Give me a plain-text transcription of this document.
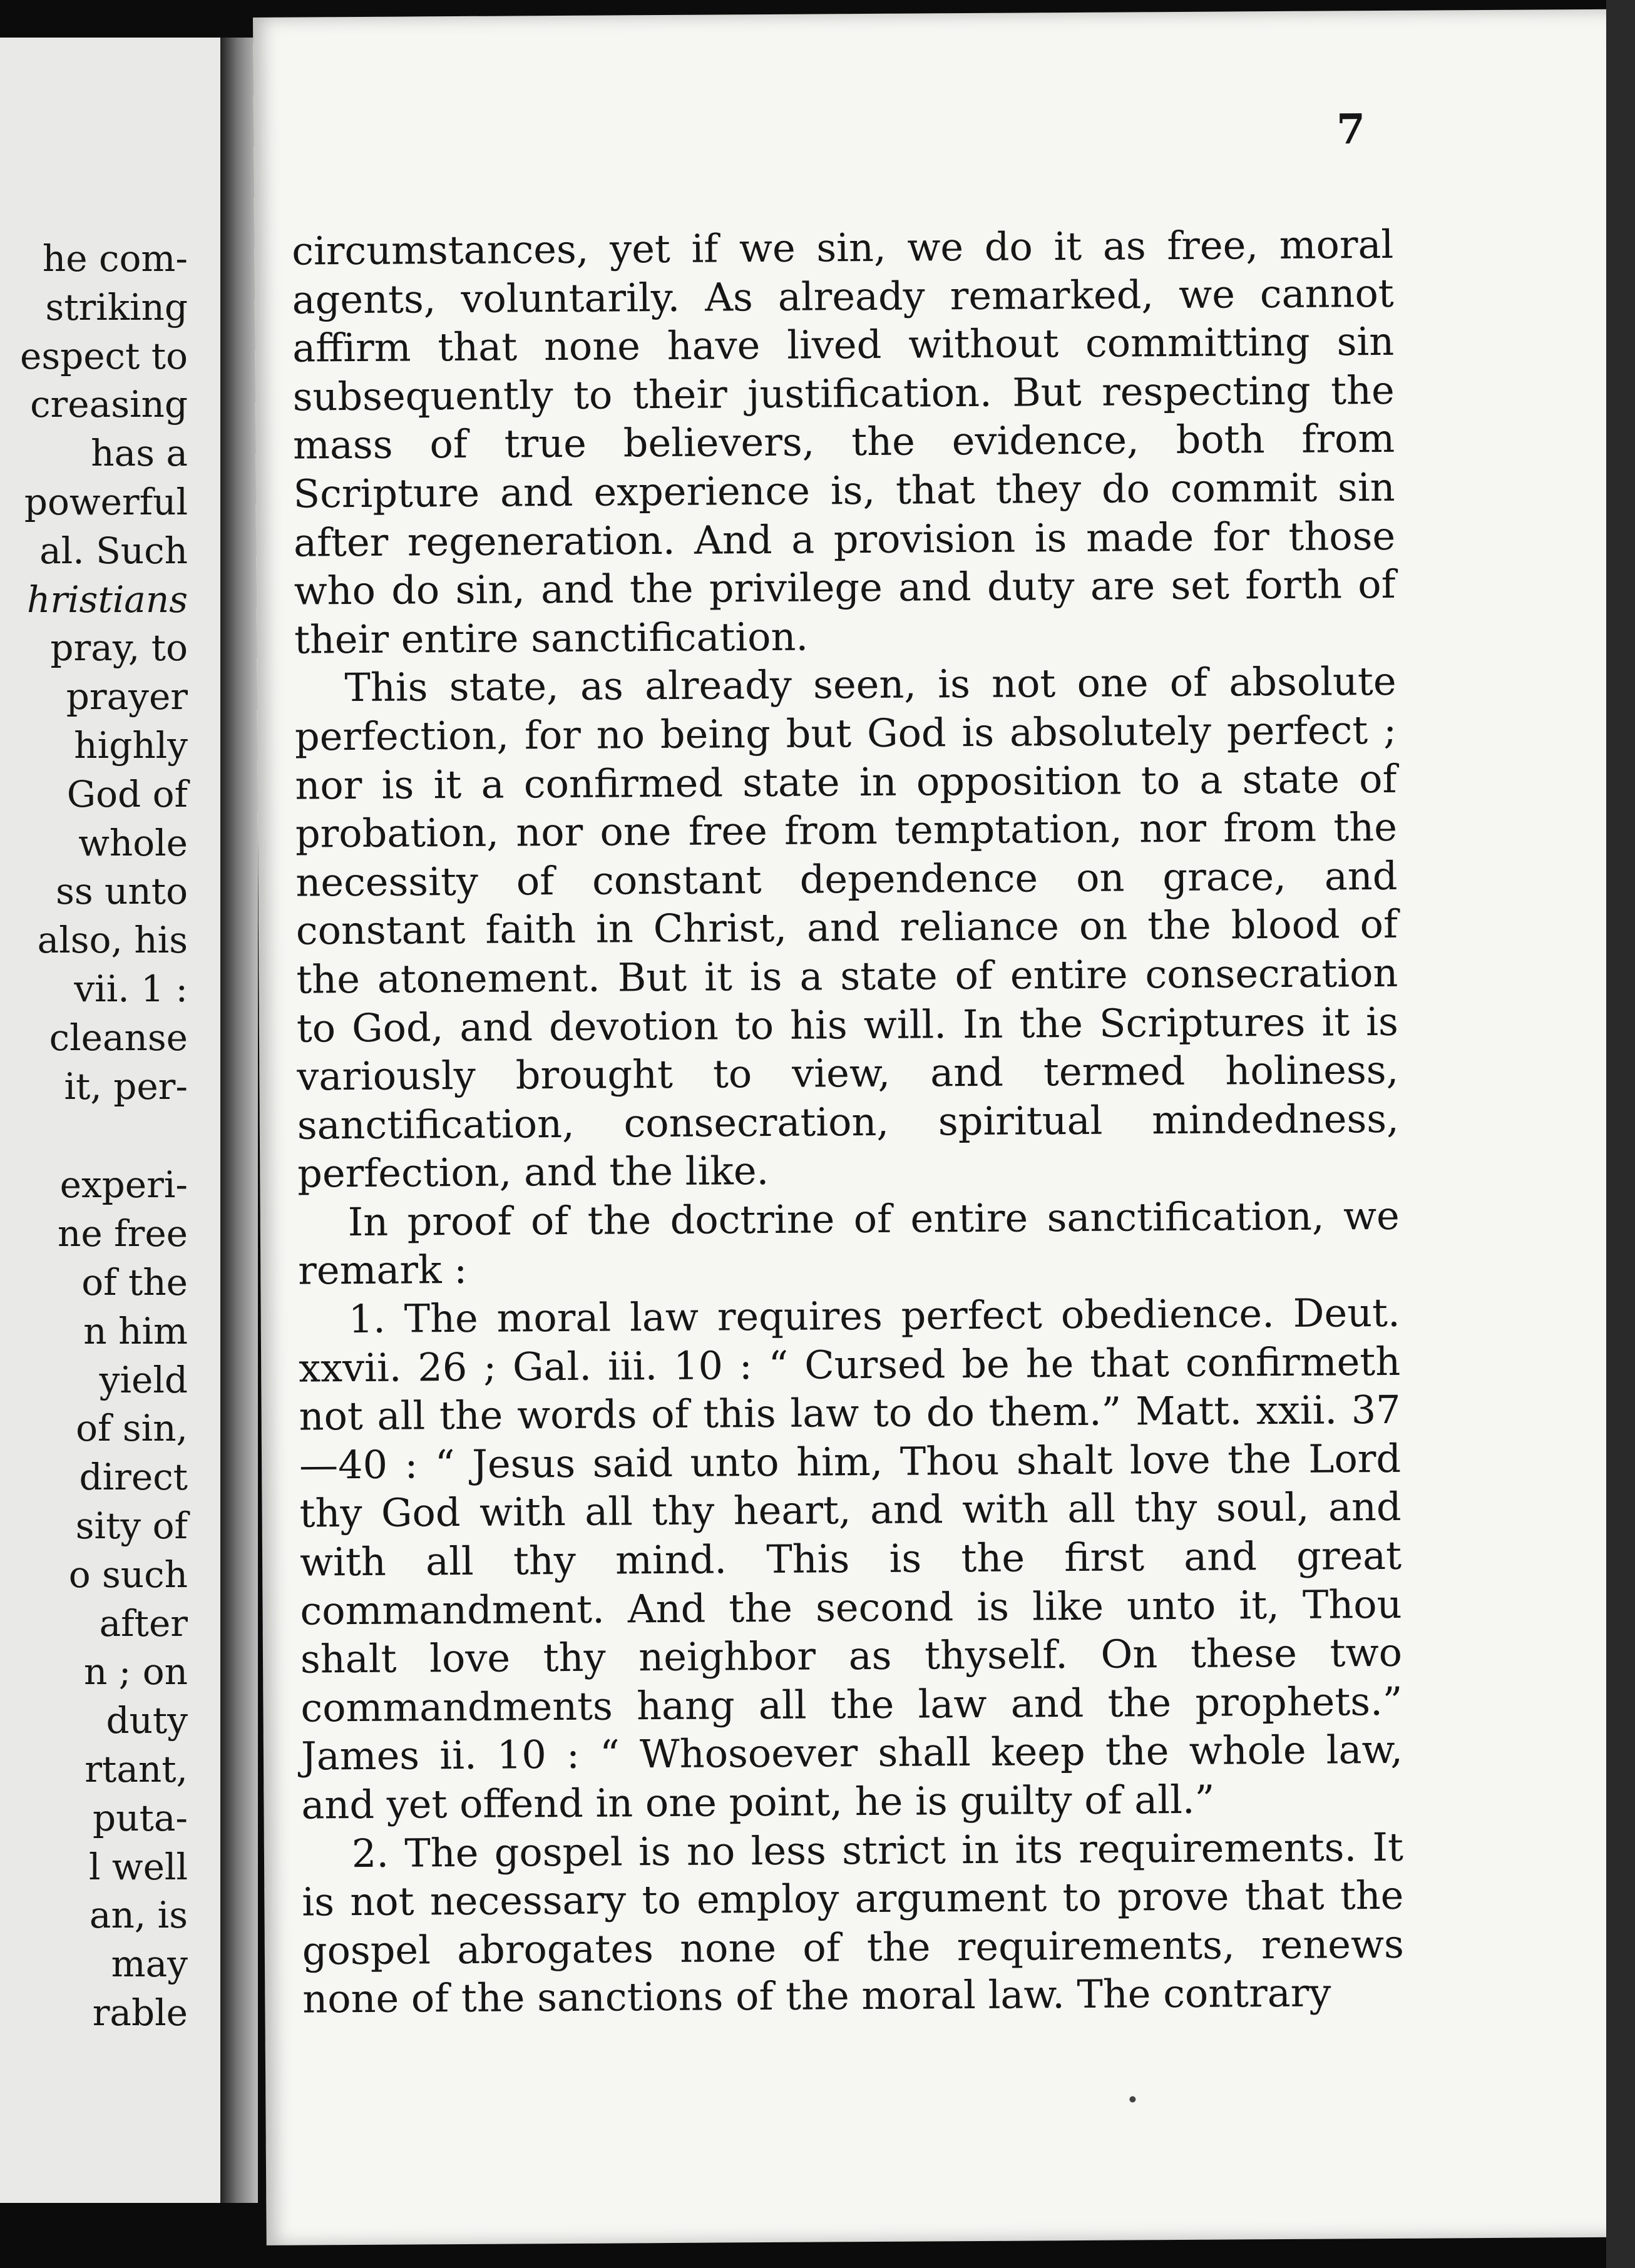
he com-
striking
espect to
creasing
has a
powerful
al. Such
hristians
pray, to
prayer
highly
God of
whole
ss unto
also, his
vii. 1 :
cleanse
it, per-
experi-
ne free
of the
n him
yield
of sin,
direct
sity of
o such
after
n ; on
duty
rtant,
puta-
l well
an, is
may
rable
7

circumstances, yet if we sin, we do it as free, moral agents, voluntarily. As already remarked, we cannot affirm that none have lived without committing sin subsequently to their justification. But respecting the mass of true believers, the evidence, both from Scripture and experience is, that they do commit sin after regeneration. And a provision is made for those who do sin, and the privilege and duty are set forth of their entire sanctification.

This state, as already seen, is not one of absolute perfection, for no being but God is absolutely perfect ; nor is it a confirmed state in opposition to a state of probation, nor one free from temptation, nor from the necessity of constant dependence on grace, and constant faith in Christ, and reliance on the blood of the atonement. But it is a state of entire consecration to God, and devotion to his will. In the Scriptures it is variously brought to view, and termed holiness, sanctification, consecration, spiritual mindedness, perfection, and the like.

In proof of the doctrine of entire sanctification, we remark :

1. The moral law requires perfect obedience. Deut. xxvii. 26 ; Gal. iii. 10 : “ Cursed be he that confirmeth not all the words of this law to do them.” Matt. xxii. 37—40 : “ Jesus said unto him, Thou shalt love the Lord thy God with all thy heart, and with all thy soul, and with all thy mind. This is the first and great commandment. And the second is like unto it, Thou shalt love thy neighbor as thyself. On these two commandments hang all the law and the prophets.” James ii. 10 : “ Whosoever shall keep the whole law, and yet offend in one point, he is guilty of all.”

2. The gospel is no less strict in its requirements. It is not necessary to employ argument to prove that the gospel abrogates none of the requirements, renews none of the sanctions of the moral law. The contrary
